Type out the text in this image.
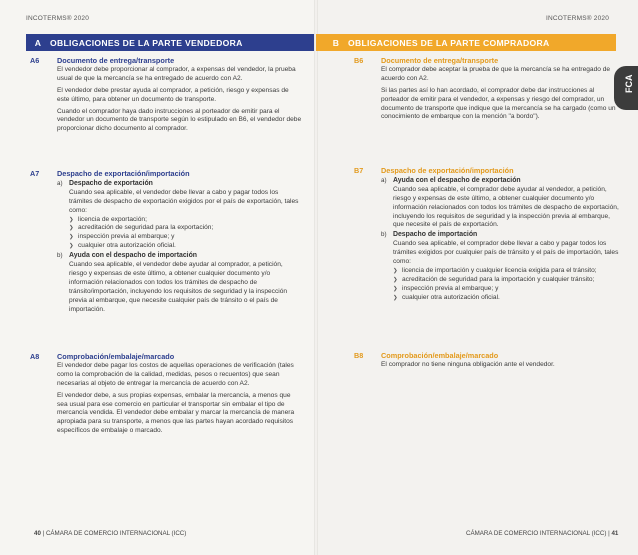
INCOTERMS® 2020
A	OBLIGACIONES DE LA PARTE VENDEDORA
A6	Documento de entrega/transporte

El vendedor debe proporcionar al comprador, a expensas del vendedor, la prueba usual de que la mercancía se ha entregado de acuerdo con A2.

El vendedor debe prestar ayuda al comprador, a petición, riesgo y expensas de este último, para obtener un documento de transporte.

Cuando el comprador haya dado instrucciones al porteador de emitir para el vendedor un documento de transporte según lo estipulado en B6, el vendedor debe proporcionar dicho documento al comprador.

A7	Despacho de exportación/importación
a) Despacho de exportación
Cuando sea aplicable, el vendedor debe llevar a cabo y pagar todos los trámites de despacho de exportación exigidos por el país de exportación, tales como:
❯ licencia de exportación;
❯ acreditación de seguridad para la exportación;
❯ inspección previa al embarque; y
❯ cualquier otra autorización oficial.
b) Ayuda con el despacho de importación
Cuando sea aplicable, el vendedor debe ayudar al comprador, a petición, riesgo y expensas de este último, a obtener cualquier documento y/o información relacionados con todos los trámites de despacho de tránsito/importación, incluyendo los requisitos de seguridad y la inspección previa al embarque, que necesite cualquier país de tránsito o el país de importación.
A8	Comprobación/embalaje/marcado

El vendedor debe pagar los costos de aquellas operaciones de verificación (tales como la comprobación de la calidad, medidas, pesos o recuentos) que sean necesarias al objeto de entregar la mercancía de acuerdo con A2.

El vendedor debe, a sus propias expensas, embalar la mercancía, a menos que sea usual para ese comercio en particular el transportar sin embalar el tipo de mercancía vendida. El vendedor debe embalar y marcar la mercancía de manera apropiada para su transporte, a menos que las partes hayan acordado requisitos específicos de embalaje o marcado.

40 | CÁMARA DE COMERCIO INTERNACIONAL (ICC)
INCOTERMS® 2020
B6	Documento de entrega/transporte

El comprador debe aceptar la prueba de que la mercancía se ha entregado de acuerdo con A2.

Si las partes así lo han acordado, el comprador debe dar instrucciones al porteador de emitir para el vendedor, a expensas y riesgo del comprador, un documento de transporte que indique que la mercancía se ha cargado (como un conocimiento de embarque con la mención "a bordo").

B7	Despacho de exportación/importación
a) Ayuda con el despacho de exportación
Cuando sea aplicable, el comprador debe ayudar al vendedor, a petición, riesgo y expensas de este último, a obtener cualquier documento y/o información relacionados con todos los trámites de despacho de exportación, incluyendo los requisitos de seguridad y la inspección previa al embarque, que necesite el país de exportación.
b) Despacho de importación
Cuando sea aplicable, el comprador debe llevar a cabo y pagar todos los trámites exigidos por cualquier país de tránsito y el país de importación, tales como:
❯ licencia de importación y cualquier licencia exigida para el tránsito;
❯ acreditación de seguridad para la importación y cualquier tránsito;
❯ inspección previa al embarque; y
❯ cualquier otra autorización oficial.
B8	Comprobación/embalaje/marcado

El comprador no tiene ninguna obligación ante el vendedor.

CÁMARA DE COMERCIO INTERNACIONAL (ICC) | 41
B	OBLIGACIONES DE LA PARTE COMPRADORA
FCA
